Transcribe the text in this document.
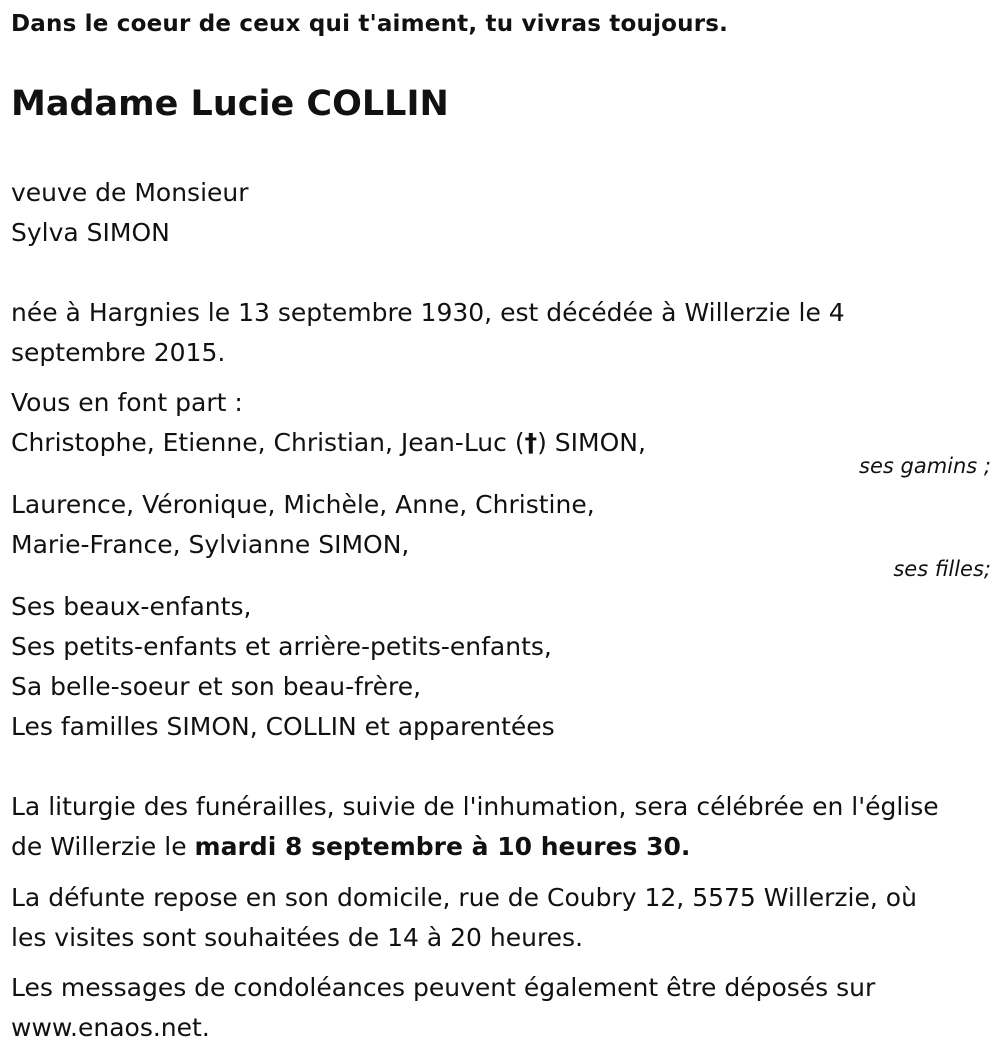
Dans le coeur de ceux qui t'aiment, tu vivras toujours.
Madame Lucie COLLIN
veuve de Monsieur
Sylva SIMON
née à Hargnies le 13 septembre 1930, est décédée à Willerzie le 4
septembre 2015.
Vous en font part :
Christophe, Etienne, Christian, Jean-Luc (†) SIMON,
ses gamins ;
Laurence, Véronique, Michèle, Anne, Christine,
Marie-France, Sylvianne SIMON,
ses filles;
Ses beaux-enfants,
Ses petits-enfants et arrière-petits-enfants,
Sa belle-soeur et son beau-frère,
Les familles SIMON, COLLIN et apparentées
La liturgie des funérailles, suivie de l'inhumation, sera célébrée en l'église
de Willerzie le mardi 8 septembre à 10 heures 30.
La défunte repose en son domicile, rue de Coubry 12, 5575 Willerzie, où
les visites sont souhaitées de 14 à 20 heures.
Les messages de condoléances peuvent également être déposés sur
www.enaos.net.
